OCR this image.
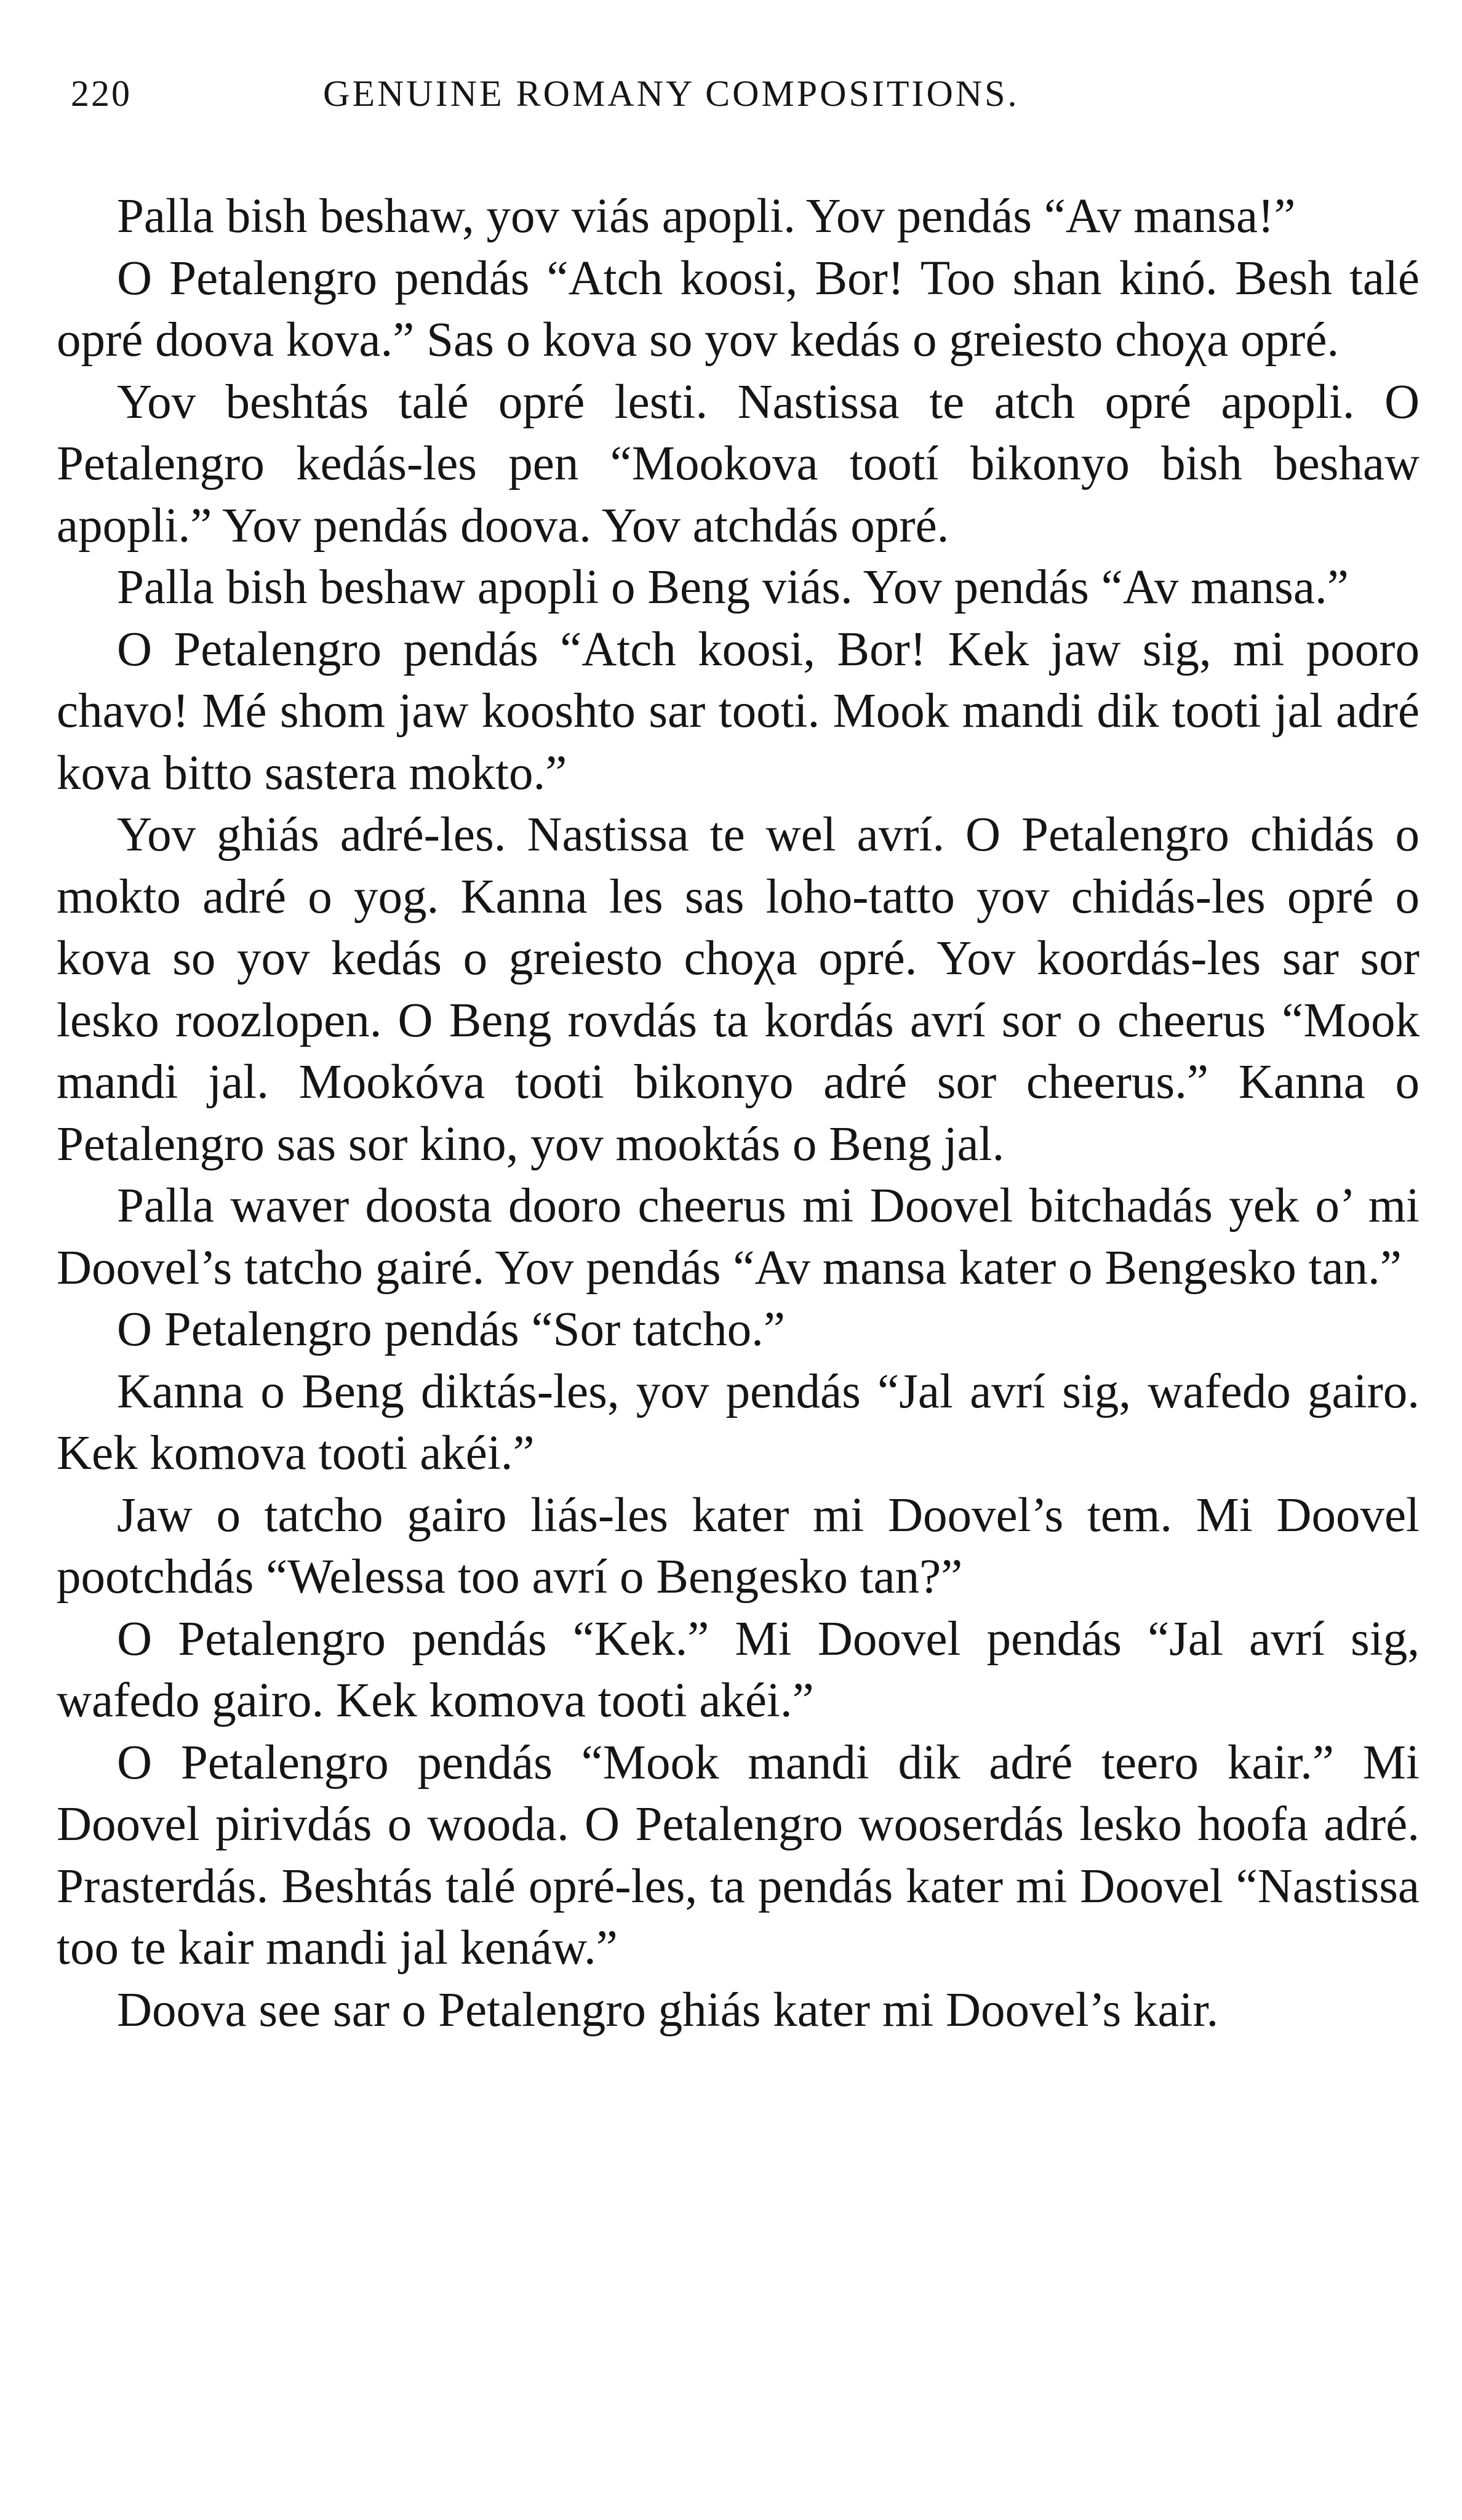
220	GENUINE ROMANY COMPOSITIONS.

Palla bish beshaw, yov viás apopli. Yov pendás “Av mansa!”

O Petalengro pendás “Atch koosi, Bor! Too shan kinó. Besh talé opré doova kova.” Sas o kova so yov kedás o greiesto choχa opré.

Yov beshtás talé opré lesti. Nastissa te atch opré apopli. O Petalengro kedás-les pen “Mookova tootí bikonyo bish beshaw apopli.” Yov pendás doova. Yov atchdás opré.

Palla bish beshaw apopli o Beng viás. Yov pendás “Av mansa.”

O Petalengro pendás “Atch koosi, Bor! Kek jaw sig, mi pooro chavo! Mé shom jaw kooshto sar tooti. Mook mandi dik tooti jal adré kova bitto sastera mokto.”

Yov ghiás adré-les. Nastissa te wel avrí. O Petalengro chidás o mokto adré o yog. Kanna les sas loho-tatto yov chidás-les opré o kova so yov kedás o greiesto choχa opré. Yov koordás-les sar sor lesko roozlopen. O Beng rovdás ta kordás avrí sor o cheerus “Mook mandi jal. Mookóva tooti bikonyo adré sor cheerus.” Kanna o Petalengro sas sor kino, yov mooktás o Beng jal.

Palla waver doosta dooro cheerus mi Doovel bitchadás yek o’ mi Doovel’s tatcho gairé. Yov pendás “Av mansa kater o Bengesko tan.”

O Petalengro pendás “Sor tatcho.”

Kanna o Beng diktás-les, yov pendás “Jal avrí sig, wafedo gairo. Kek komova tooti akéi.”

Jaw o tatcho gairo liás-les kater mi Doovel’s tem. Mi Doovel pootchdás “Welessa too avrí o Bengesko tan?”

O Petalengro pendás “Kek.” Mi Doovel pendás “Jal avrí sig, wafedo gairo. Kek komova tooti akéi.”

O Petalengro pendás “Mook mandi dik adré teero kair.” Mi Doovel pirivdás o wooda. O Petalengro wooserdás lesko hoofa adré. Prasterdás. Beshtás talé opré-les, ta pendás kater mi Doovel “Nastissa too te kair mandi jal kenáw.”

Doova see sar o Petalengro ghiás kater mi Doovel’s kair.
